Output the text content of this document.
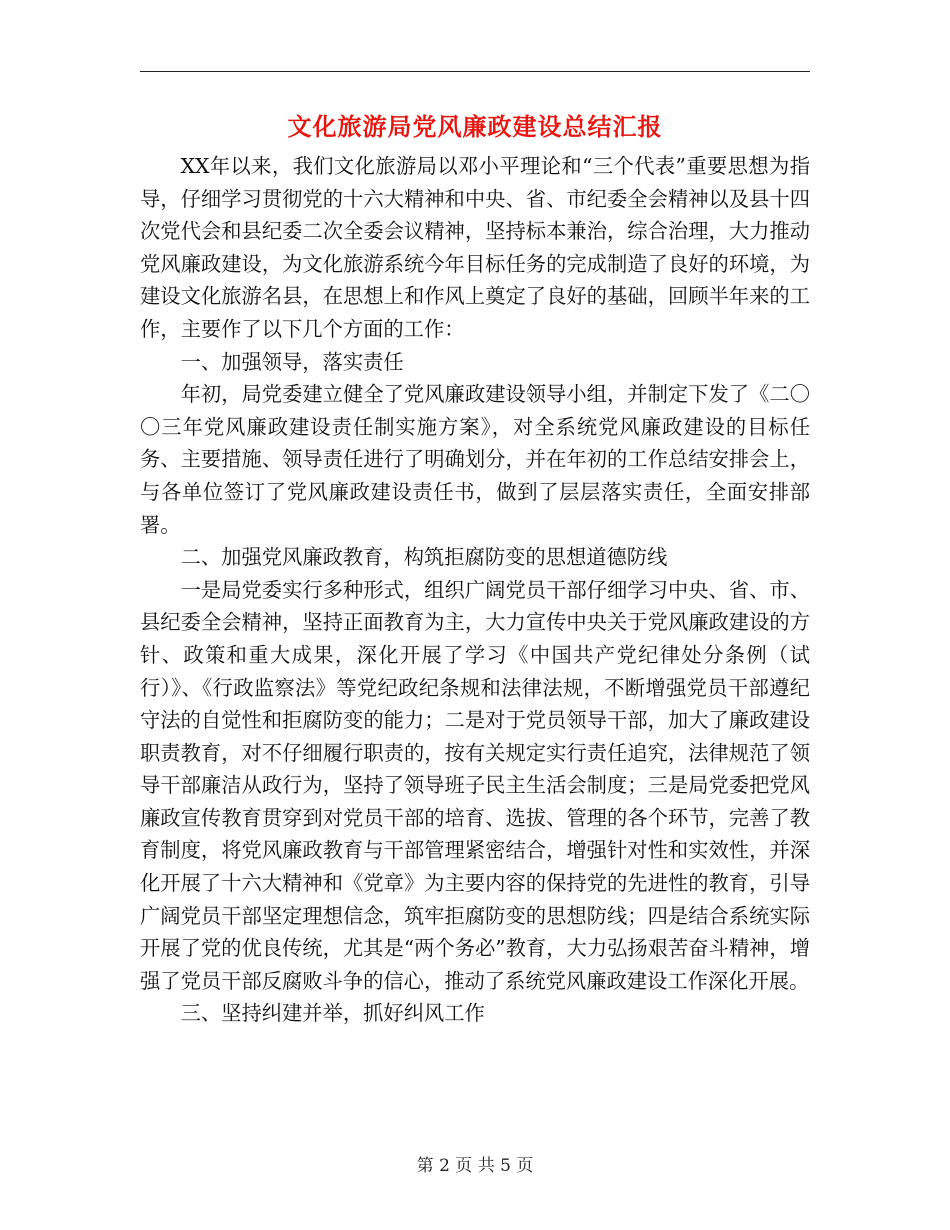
文化旅游局党风廉政建设总结汇报

XX年以来，我们文化旅游局以邓小平理论和“三个代表”重要思想为指导，仔细学习贯彻党的十六大精神和中央、省、市纪委全会精神以及县十四次党代会和县纪委二次全委会议精神，坚持标本兼治，综合治理，大力推动党风廉政建设，为文化旅游系统今年目标任务的完成制造了良好的环境，为建设文化旅游名县，在思想上和作风上奠定了良好的基础，回顾半年来的工作，主要作了以下几个方面的工作：

一、加强领导，落实责任

年初，局党委建立健全了党风廉政建设领导小组，并制定下发了《二〇〇三年党风廉政建设责任制实施方案》，对全系统党风廉政建设的目标任务、主要措施、领导责任进行了明确划分，并在年初的工作总结安排会上，与各单位签订了党风廉政建设责任书，做到了层层落实责任，全面安排部署。

二、加强党风廉政教育，构筑拒腐防变的思想道德防线

一是局党委实行多种形式，组织广阔党员干部仔细学习中央、省、市、县纪委全会精神，坚持正面教育为主，大力宣传中央关于党风廉政建设的方针、政策和重大成果，深化开展了学习《中国共产党纪律处分条例（试行）》、《行政监察法》等党纪政纪条规和法律法规，不断增强党员干部遵纪守法的自觉性和拒腐防变的能力；二是对于党员领导干部，加大了廉政建设职责教育，对不仔细履行职责的，按有关规定实行责任追究，法律规范了领导干部廉洁从政行为，坚持了领导班子民主生活会制度；三是局党委把党风廉政宣传教育贯穿到对党员干部的培育、选拔、管理的各个环节，完善了教育制度，将党风廉政教育与干部管理紧密结合，增强针对性和实效性，并深化开展了十六大精神和《党章》为主要内容的保持党的先进性的教育，引导广阔党员干部坚定理想信念，筑牢拒腐防变的思想防线；四是结合系统实际开展了党的优良传统，尤其是“两个务必”教育，大力弘扬艰苦奋斗精神，增强了党员干部反腐败斗争的信心，推动了系统党风廉政建设工作深化开展。

三、坚持纠建并举，抓好纠风工作

第 2 页 共 5 页
